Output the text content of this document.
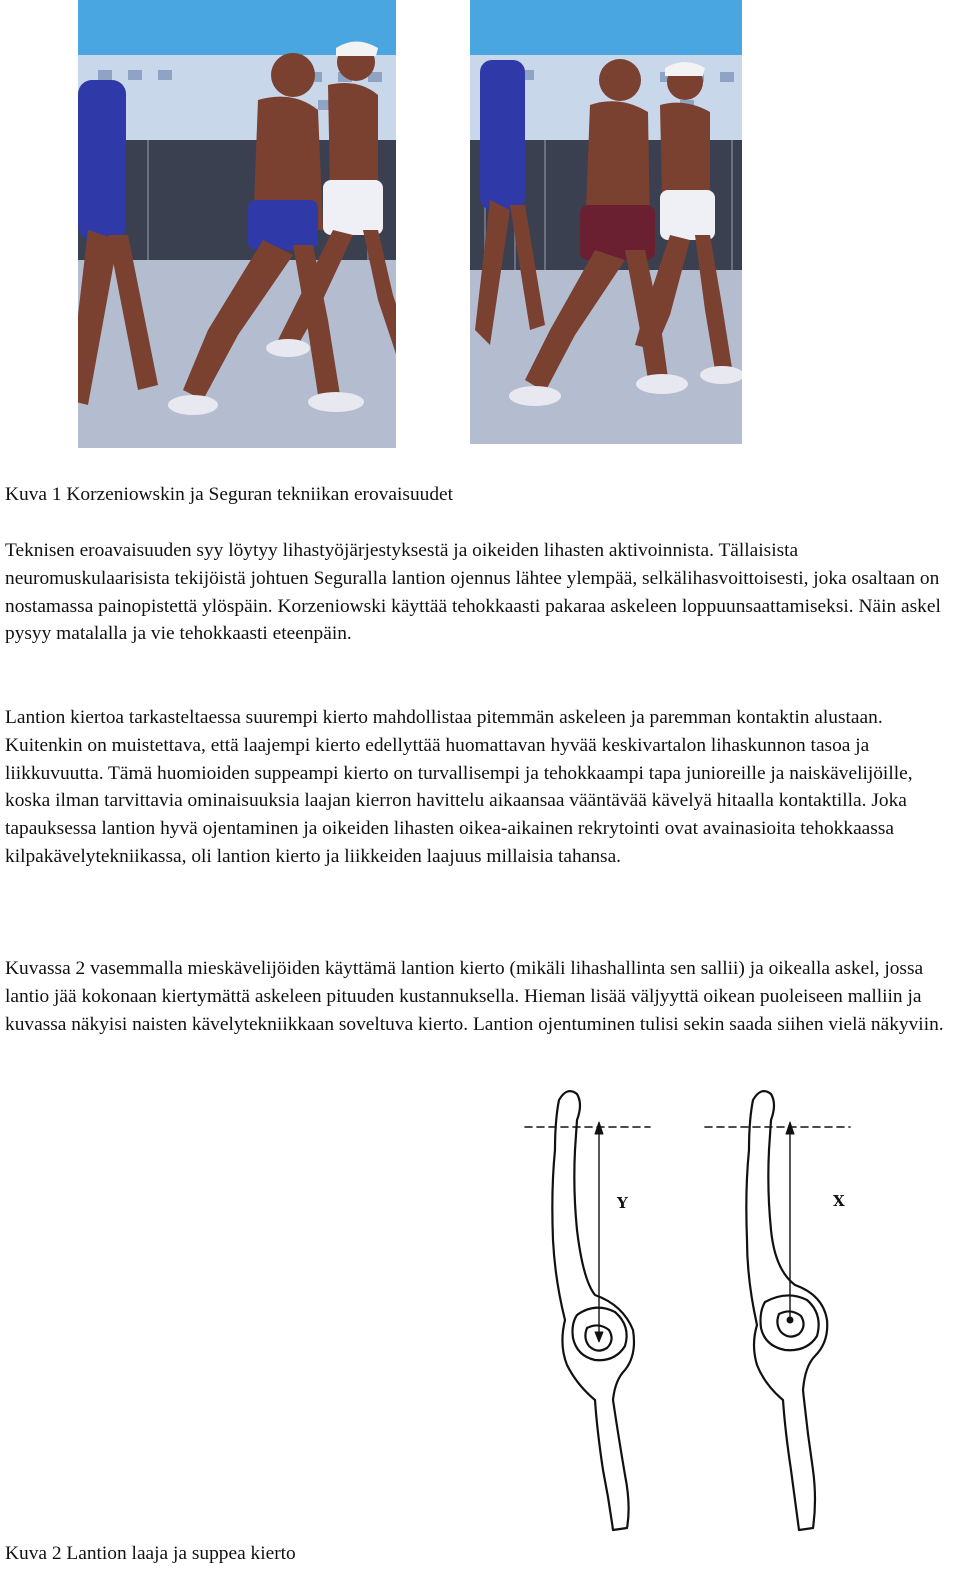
Kuva 1 Korzeniowskin ja Seguran tekniikan erovaisuudet

Teknisen eroavaisuuden syy löytyy lihastyöjärjestyksestä ja oikeiden lihasten aktivoinnista. Tällaisista neuromuskulaarisista tekijöistä johtuen Seguralla lantion ojennus lähtee ylempää, selkälihasvoittoisesti, joka osaltaan on nostamassa painopistettä ylöspäin. Korzeniowski käyttää tehokkaasti pakaraa askeleen loppuunsaattamiseksi. Näin askel pysyy matalalla ja vie tehokkaasti eteenpäin.

Lantion kiertoa tarkasteltaessa suurempi kierto mahdollistaa pitemmän askeleen ja paremman kontaktin alustaan. Kuitenkin on muistettava, että laajempi kierto edellyttää huomattavan hyvää keskivartalon lihaskunnon tasoa ja liikkuvuutta. Tämä huomioiden suppeampi kierto on turvallisempi ja tehokkaampi tapa junioreille ja naiskävelijöille, koska ilman tarvittavia ominaisuuksia laajan kierron havittelu aikaansaa vääntävää kävelyä hitaalla kontaktilla. Joka tapauksessa lantion hyvä ojentaminen ja oikeiden lihasten oikea-aikainen rekrytointi ovat avainasioita tehokkaassa kilpakävelytekniikassa, oli lantion kierto ja liikkeiden laajuus millaisia tahansa.

Kuvassa 2 vasemmalla mieskävelijöiden käyttämä lantion kierto (mikäli lihashallinta sen sallii) ja oikealla askel, jossa lantio jää kokonaan kiertymättä askeleen pituuden kustannuksella. Hieman lisää väljyyttä oikean puoleiseen malliin ja kuvassa näkyisi naisten kävelytekniikkaan soveltuva kierto. Lantion ojentuminen tulisi sekin saada siihen vielä näkyviin.

Y	X

Kuva 2 Lantion laaja ja suppea kierto
